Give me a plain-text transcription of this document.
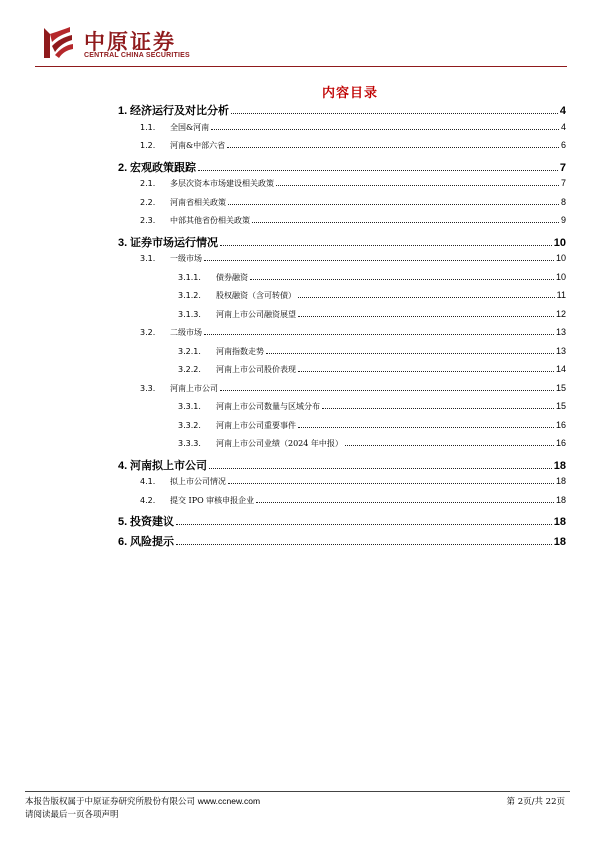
中原证券
CENTRAL CHINA SECURITIES
内容目录
1. 经济运行及对比分析	4
1.1.	全国&河南	4
1.2.	河南&中部六省	6
2. 宏观政策跟踪	7
2.1.	多层次资本市场建设相关政策	7
2.2.	河南省相关政策	8
2.3.	中部其他省份相关政策	9
3. 证券市场运行情况	10
3.1.	一级市场	10
3.1.1.	债券融资	10
3.1.2.	股权融资（含可转债）	11
3.1.3.	河南上市公司融资展望	12
3.2.	二级市场	13
3.2.1.	河南指数走势	13
3.2.2.	河南上市公司股价表现	14
3.3.	河南上市公司	15
3.3.1.	河南上市公司数量与区域分布	15
3.3.2.	河南上市公司重要事件	16
3.3.3.	河南上市公司业绩（2024 年中报）	16
4. 河南拟上市公司	18
4.1.	拟上市公司情况	18
4.2.	提交 IPO 审核申报企业	18
5. 投资建议	18
6. 风险提示	18
本报告版权属于中原证券研究所股份有限公司 www.ccnew.com
请阅读最后一页各项声明
第 2页/共 22页
